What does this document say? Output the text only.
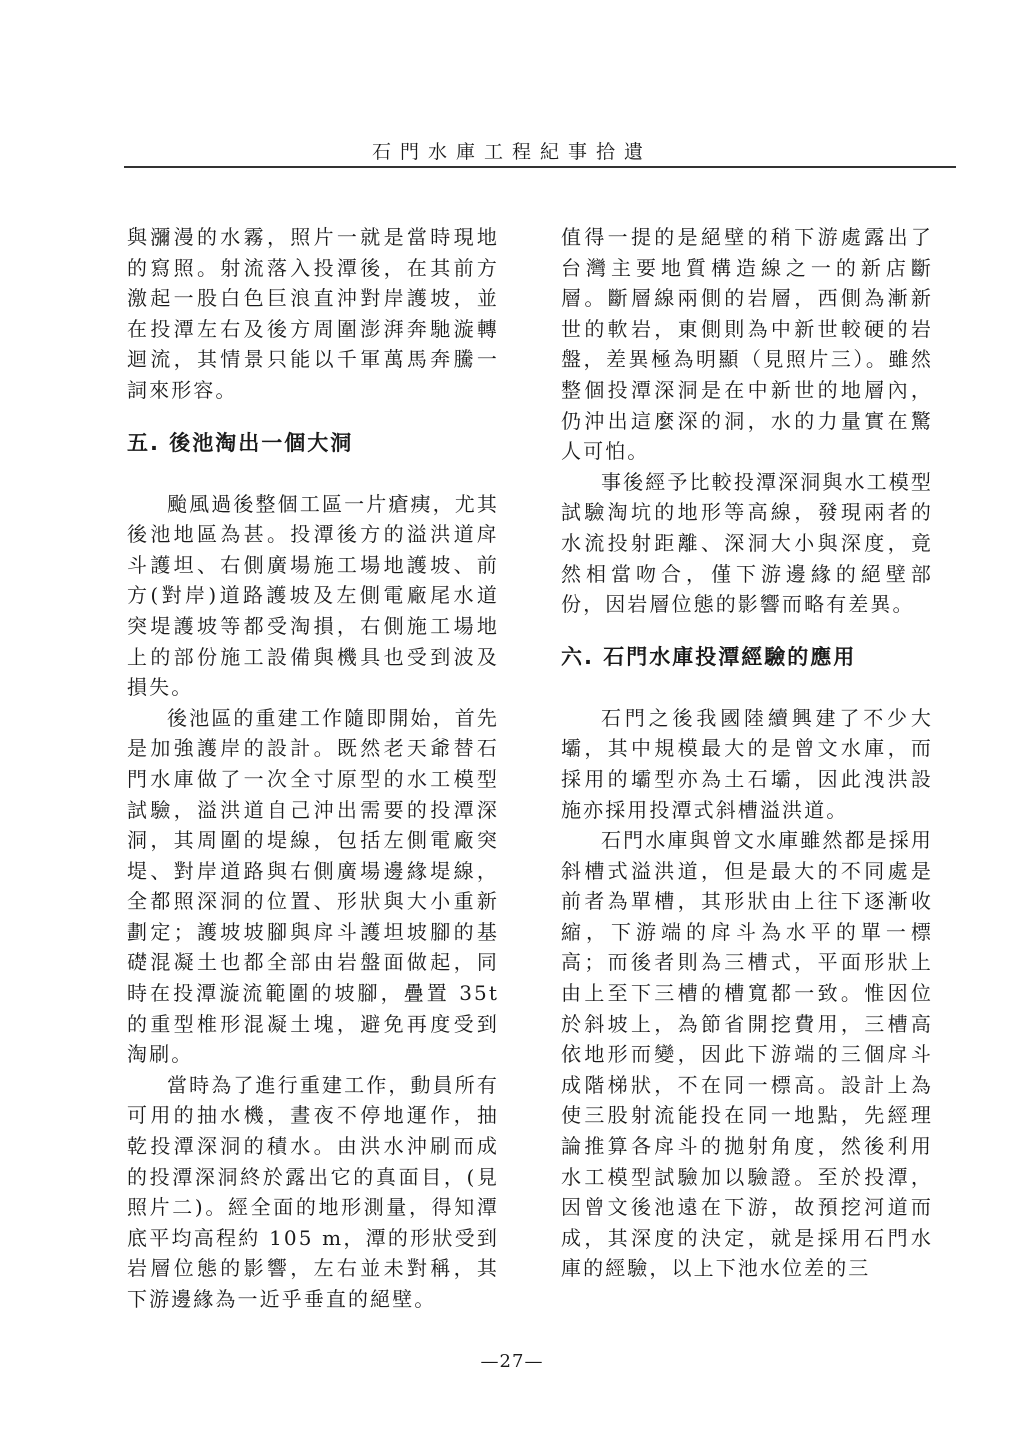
石門水庫工程紀事拾遺

與瀰漫的水霧，照片一就是當時現地的寫照。射流落入投潭後，在其前方激起一股白色巨浪直沖對岸護坡，並在投潭左右及後方周圍澎湃奔馳漩轉迴流，其情景只能以千軍萬馬奔騰一詞來形容。

五. 後池淘出一個大洞

颱風過後整個工區一片瘡痍，尤其後池地區為甚。投潭後方的溢洪道戽斗護坦、右側廣場施工場地護坡、前方(對岸)道路護坡及左側電廠尾水道突堤護坡等都受淘損，右側施工場地上的部份施工設備與機具也受到波及損失。

後池區的重建工作隨即開始，首先是加強護岸的設計。既然老天爺替石門水庫做了一次全寸原型的水工模型試驗，溢洪道自己沖出需要的投潭深洞，其周圍的堤線，包括左側電廠突堤、對岸道路與右側廣場邊緣堤線，全都照深洞的位置、形狀與大小重新劃定；護坡坡腳與戽斗護坦坡腳的基礎混凝土也都全部由岩盤面做起，同時在投潭漩流範圍的坡腳，疊置 35t 的重型椎形混凝土塊，避免再度受到淘刷。

當時為了進行重建工作，動員所有可用的抽水機，晝夜不停地運作，抽乾投潭深洞的積水。由洪水沖刷而成的投潭深洞終於露出它的真面目，(見照片二)。經全面的地形測量，得知潭底平均高程約 105 m，潭的形狀受到岩層位態的影響，左右並未對稱，其下游邊緣為一近乎垂直的絕壁。

值得一提的是絕壁的稍下游處露出了台灣主要地質構造線之一的新店斷層。斷層線兩側的岩層，西側為漸新世的軟岩，東側則為中新世較硬的岩盤，差異極為明顯（見照片三）。雖然整個投潭深洞是在中新世的地層內，仍沖出這麼深的洞，水的力量實在驚人可怕。

事後經予比較投潭深洞與水工模型試驗淘坑的地形等高線，發現兩者的水流投射距離、深洞大小與深度，竟然相當吻合，僅下游邊緣的絕壁部份，因岩層位態的影響而略有差異。

六. 石門水庫投潭經驗的應用

石門之後我國陸續興建了不少大壩，其中規模最大的是曾文水庫，而採用的壩型亦為土石壩，因此洩洪設施亦採用投潭式斜槽溢洪道。

石門水庫與曾文水庫雖然都是採用斜槽式溢洪道，但是最大的不同處是前者為單槽，其形狀由上往下逐漸收縮，下游端的戽斗為水平的單一標高；而後者則為三槽式，平面形狀上由上至下三槽的槽寬都一致。惟因位於斜坡上，為節省開挖費用，三槽高依地形而變，因此下游端的三個戽斗成階梯狀，不在同一標高。設計上為使三股射流能投在同一地點，先經理論推算各戽斗的拋射角度，然後利用水工模型試驗加以驗證。至於投潭，因曾文後池遠在下游，故預挖河道而成，其深度的決定，就是採用石門水庫的經驗，以上下池水位差的三

—27—
